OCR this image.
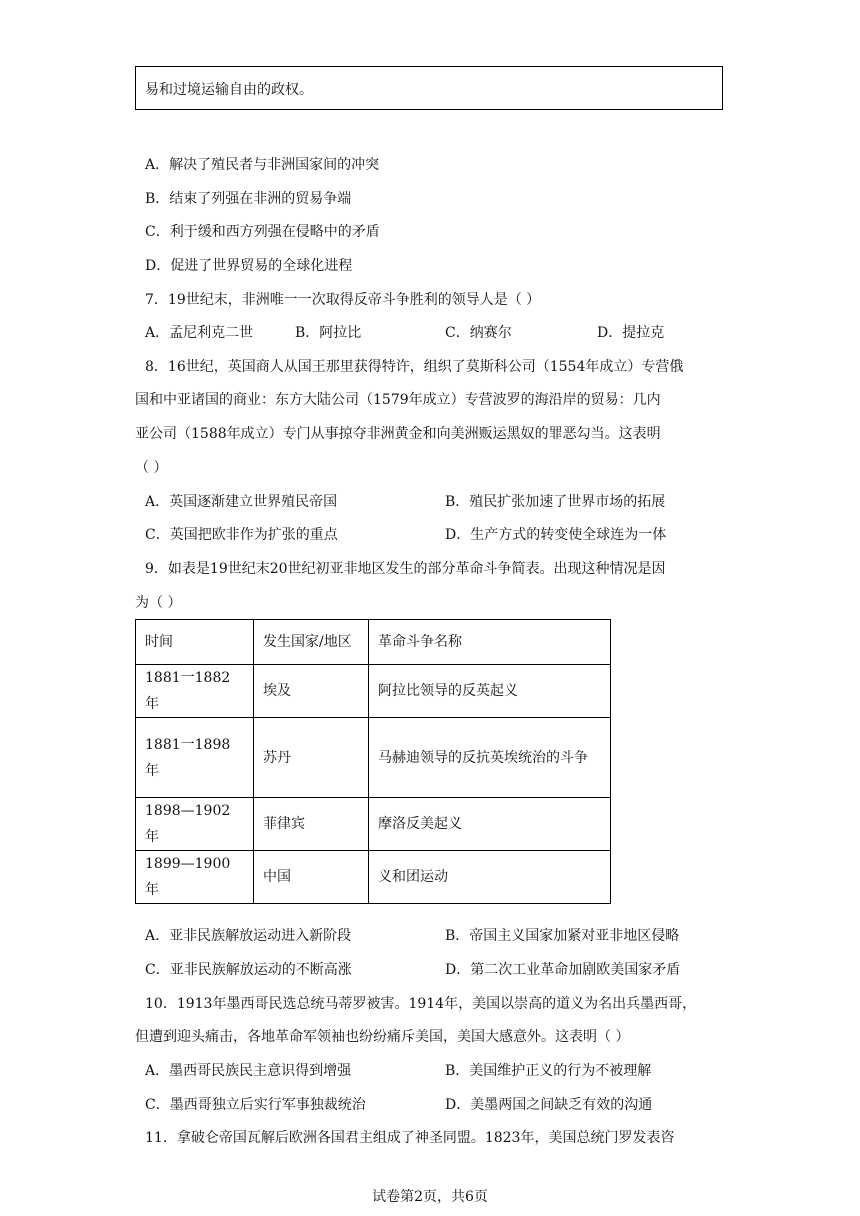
易和过境运输自由的政权。
A．解决了殖民者与非洲国家间的冲突
B．结束了列强在非洲的贸易争端
C．利于缓和西方列强在侵略中的矛盾
D．促进了世界贸易的全球化进程
7．19世纪末，非洲唯一一次取得反帝斗争胜利的领导人是（ ）
A．孟尼利克二世	B．阿拉比	C．纳赛尔	D．提拉克
8．16世纪，英国商人从国王那里获得特许，组织了莫斯科公司（1554年成立）专营俄
国和中亚诸国的商业：东方大陆公司（1579年成立）专营波罗的海沿岸的贸易：几内
亚公司（1588年成立）专门从事掠夺非洲黄金和向美洲贩运黑奴的罪恶勾当。这表明
（ ）
A．英国逐渐建立世界殖民帝国	B．殖民扩张加速了世界市场的拓展
C．英国把欧非作为扩张的重点	D．生产方式的转变使全球连为一体
9．如表是19世纪末20世纪初亚非地区发生的部分革命斗争简表。出现这种情况是因
为（ ）
时间	发生国家/地区	革命斗争名称
1881一1882年	埃及	阿拉比领导的反英起义
1881一1898年	苏丹	马赫迪领导的反抗英埃统治的斗争
1898—1902年	菲律宾	摩洛反美起义
1899—1900年	中国	义和团运动
A．亚非民族解放运动进入新阶段	B．帝国主义国家加紧对亚非地区侵略
C．亚非民族解放运动的不断高涨	D．第二次工业革命加剧欧美国家矛盾
10．1913年墨西哥民选总统马蒂罗被害。1914年，美国以崇高的道义为名出兵墨西哥，
但遭到迎头痛击，各地革命军领袖也纷纷痛斥美国，美国大感意外。这表明（ ）
A．墨西哥民族民主意识得到增强	B．美国维护正义的行为不被理解
C．墨西哥独立后实行军事独裁统治	D．美墨两国之间缺乏有效的沟通
11．拿破仑帝国瓦解后欧洲各国君主组成了神圣同盟。1823年，美国总统门罗发表咨
试卷第2页，共6页
